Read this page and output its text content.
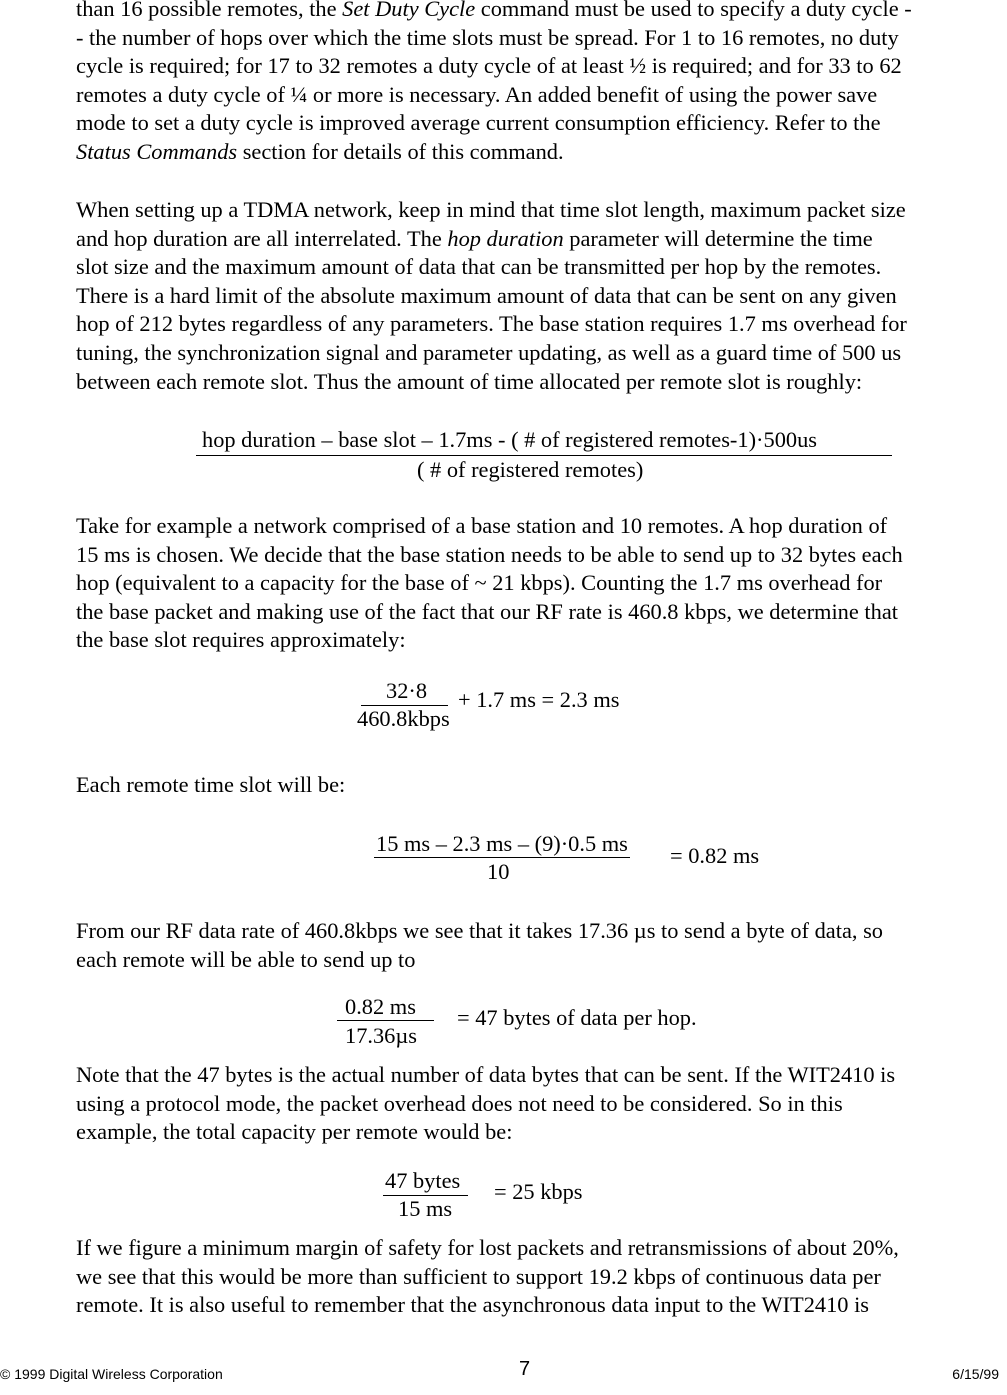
than 16 possible remotes, the Set Duty Cycle command must be used to specify a duty cycle -
- the number of hops over which the time slots must be spread. For 1 to 16 remotes, no duty
cycle is required; for 17 to 32 remotes a duty cycle of at least ½ is required; and for 33 to 62
remotes a duty cycle of ¼ or more is necessary. An added benefit of using the power save
mode to set a duty cycle is improved average current consumption efficiency. Refer to the
Status Commands section for details of this command.
When setting up a TDMA network, keep in mind that time slot length, maximum packet size
and hop duration are all interrelated. The hop duration parameter will determine the time
slot size and the maximum amount of data that can be transmitted per hop by the remotes.
There is a hard limit of the absolute maximum amount of data that can be sent on any given
hop of 212 bytes regardless of any parameters. The base station requires 1.7 ms overhead for
tuning, the synchronization signal and parameter updating, as well as a guard time of 500 us
between each remote slot. Thus the amount of time allocated per remote slot is roughly:
hop duration – base slot – 1.7ms - ( # of registered remotes-1)·500us
( # of registered remotes)
Take for example a network comprised of a base station and 10 remotes. A hop duration of
15 ms is chosen. We decide that the base station needs to be able to send up to 32 bytes each
hop (equivalent to a capacity for the base of ~ 21 kbps). Counting the 1.7 ms overhead for
the base packet and making use of the fact that our RF rate is 460.8 kbps, we determine that
the base slot requires approximately:
32·8
460.8kbps
+ 1.7 ms = 2.3 ms
Each remote time slot will be:
15 ms – 2.3 ms – (9)·0.5 ms
10
= 0.82 ms
From our RF data rate of 460.8kbps we see that it takes 17.36 µs to send a byte of data, so
each remote will be able to send up to
0.82 ms
17.36µs
= 47 bytes of data per hop.
Note that the 47 bytes is the actual number of data bytes that can be sent. If the WIT2410 is
using a protocol mode, the packet overhead does not need to be considered. So in this
example, the total capacity per remote would be:
47 bytes
15 ms
= 25 kbps
If we figure a minimum margin of safety for lost packets and retransmissions of about 20%,
we see that this would be more than sufficient to support 19.2 kbps of continuous data per
remote. It is also useful to remember that the asynchronous data input to the WIT2410 is
© 1999 Digital Wireless Corporation	7	6/15/99
